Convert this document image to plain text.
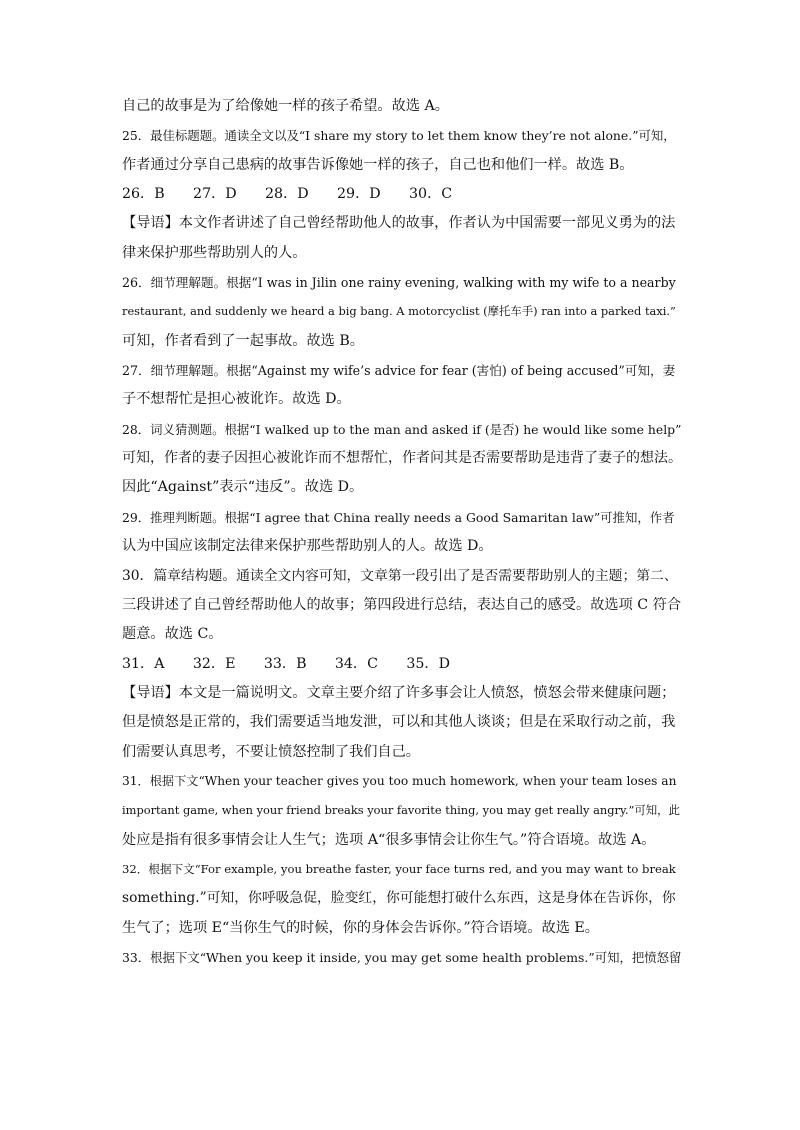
自己的故事是为了给像她一样的孩子希望。故选 A。
25．最佳标题题。通读全文以及“I share my story to let them know they’re not alone.”可知，
作者通过分享自己患病的故事告诉像她一样的孩子，自己也和他们一样。故选 B。
26．B　　27．D　　28．D　　29．D　　30．C
【导语】本文作者讲述了自己曾经帮助他人的故事，作者认为中国需要一部见义勇为的法
律来保护那些帮助别人的人。
26．细节理解题。根据“I was in Jilin one rainy evening, walking with my wife to a nearby
restaurant, and suddenly we heard a big bang. A motorcyclist (摩托车手) ran into a parked taxi.”
可知，作者看到了一起事故。故选 B。
27．细节理解题。根据“Against my wife’s advice for fear (害怕) of being accused”可知，妻
子不想帮忙是担心被讹诈。故选 D。
28．词义猜测题。根据“I walked up to the man and asked if (是否) he would like some help”
可知，作者的妻子因担心被讹诈而不想帮忙，作者问其是否需要帮助是违背了妻子的想法。
因此“Against”表示“违反”。故选 D。
29．推理判断题。根据“I agree that China really needs a Good Samaritan law”可推知，作者
认为中国应该制定法律来保护那些帮助别人的人。故选 D。
30．篇章结构题。通读全文内容可知，文章第一段引出了是否需要帮助别人的主题；第二、
三段讲述了自己曾经帮助他人的故事；第四段进行总结，表达自己的感受。故选项 C 符合
题意。故选 C。
31．A　　32．E　　33．B　　34．C　　35．D
【导语】本文是一篇说明文。文章主要介绍了许多事会让人愤怒，愤怒会带来健康问题；
但是愤怒是正常的，我们需要适当地发泄，可以和其他人谈谈；但是在采取行动之前，我
们需要认真思考，不要让愤怒控制了我们自己。
31．根据下文“When your teacher gives you too much homework, when your team loses an
important game, when your friend breaks your favorite thing, you may get really angry.”可知，此
处应是指有很多事情会让人生气；选项 A“很多事情会让你生气。”符合语境。故选 A。
32．根据下文“For example, you breathe faster, your face turns red, and you may want to break
something.”可知，你呼吸急促，脸变红，你可能想打破什么东西，这是身体在告诉你，你
生气了；选项 E“当你生气的时候，你的身体会告诉你。”符合语境。故选 E。
33．根据下文“When you keep it inside, you may get some health problems.”可知，把愤怒留
